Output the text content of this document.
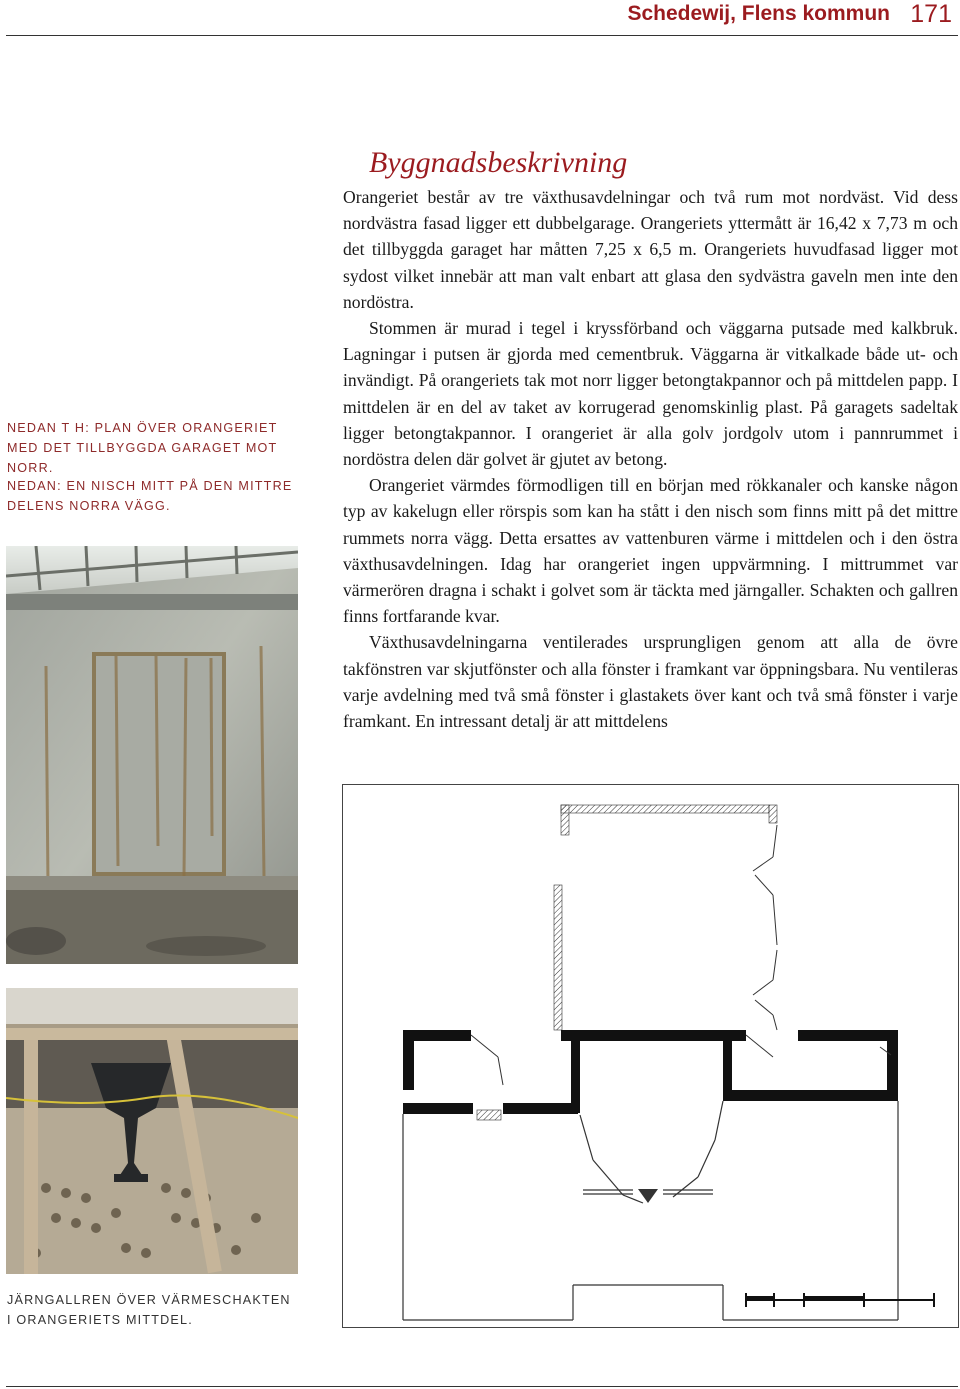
Schedewij, Flens kommun 171
NEDAN T H: PLAN ÖVER ORANGERIET MED DET TILLBYGGDA GARAGET MOT NORR.
NEDAN: EN NISCH MITT PÅ DEN MITTRE DELENS NORRA VÄGG.
JÄRNGALLREN ÖVER VÄRMESCHAKTEN I ORANGERIETS MITTDEL.
Byggnadsbeskrivning

Orangeriet består av tre växthusavdelningar och två rum mot nordväst. Vid dess nordvästra fasad ligger ett dubbelgarage. Orangeriets yttermått är 16,42 x 7,73 m och det tillbyggda garaget har måtten 7,25 x 6,5 m. Orangeriets huvudfasad ligger mot sydost vilket innebär att man valt enbart att glasa den sydvästra gaveln men inte den nordöstra.

Stommen är murad i tegel i kryssförband och väggarna putsade med kalkbruk. Lagningar i putsen är gjorda med cementbruk. Väggarna är vitkalkade både ut- och invändigt. På orangeriets tak mot norr ligger betongtakpannor och på mittdelen papp. I mittdelen är en del av taket av korrugerad genomskinlig plast. På garagets sadeltak ligger betongtakpannor. I orangeriet är alla golv jordgolv utom i pannrummet i nordöstra delen där golvet är gjutet av betong.

Orangeriet värmdes förmodligen till en början med rökkanaler och kanske någon typ av kakelugn eller rörspis som kan ha stått i den nisch som finns mitt på det mittre rummets norra vägg. Detta ersattes av vattenburen värme i mittdelen och i den östra växthusavdelningen. Idag har orangeriet ingen uppvärmning. I mittrummet var värmerören dragna i schakt i golvet som är täckta med järngaller. Schakten och gallren finns fortfarande kvar.

Växthusavdelningarna ventilerades ursprungligen genom att alla de övre takfönstren var skjutfönster och alla fönster i framkant var öppningsbara. Nu ventileras varje avdelning med två små fönster i glastakets över kant och två små fönster i varje framkant. En intressant detalj är att mittdelens
